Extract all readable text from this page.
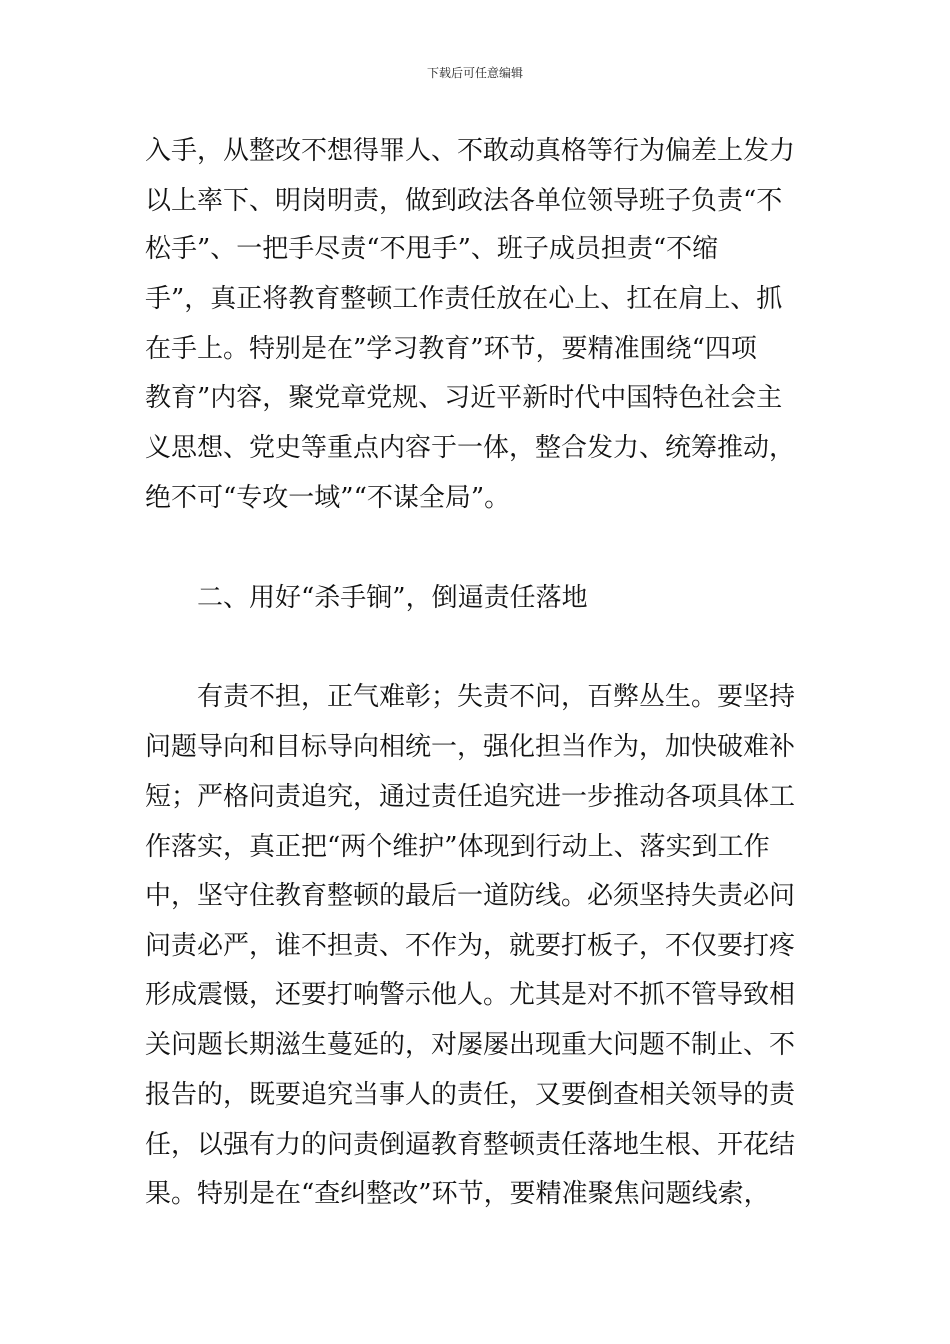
下载后可任意编辑
入手，从整改不想得罪人、不敢动真格等行为偏差上发力
以上率下、明岗明责，做到政法各单位领导班子负责“不
松手”、一把手尽责“不甩手”、班子成员担责“不缩
手”，真正将教育整顿工作责任放在心上、扛在肩上、抓
在手上。特别是在”学习教育”环节，要精准围绕“四项
教育”内容，聚党章党规、习近平新时代中国特色社会主
义思想、党史等重点内容于一体，整合发力、统筹推动，
绝不可“专攻一域”“不谋全局”。
二、用好“杀手锏”，倒逼责任落地
有责不担，正气难彰；失责不问，百弊丛生。要坚持
问题导向和目标导向相统一，强化担当作为，加快破难补
短；严格问责追究，通过责任追究进一步推动各项具体工
作落实，真正把“两个维护”体现到行动上、落实到工作
中，坚守住教育整顿的最后一道防线。必须坚持失责必问
问责必严，谁不担责、不作为，就要打板子，不仅要打疼
形成震慑，还要打响警示他人。尤其是对不抓不管导致相
关问题长期滋生蔓延的，对屡屡出现重大问题不制止、不
报告的，既要追究当事人的责任，又要倒查相关领导的责
任，以强有力的问责倒逼教育整顿责任落地生根、开花结
果。特别是在“查纠整改”环节，要精准聚焦问题线索，
